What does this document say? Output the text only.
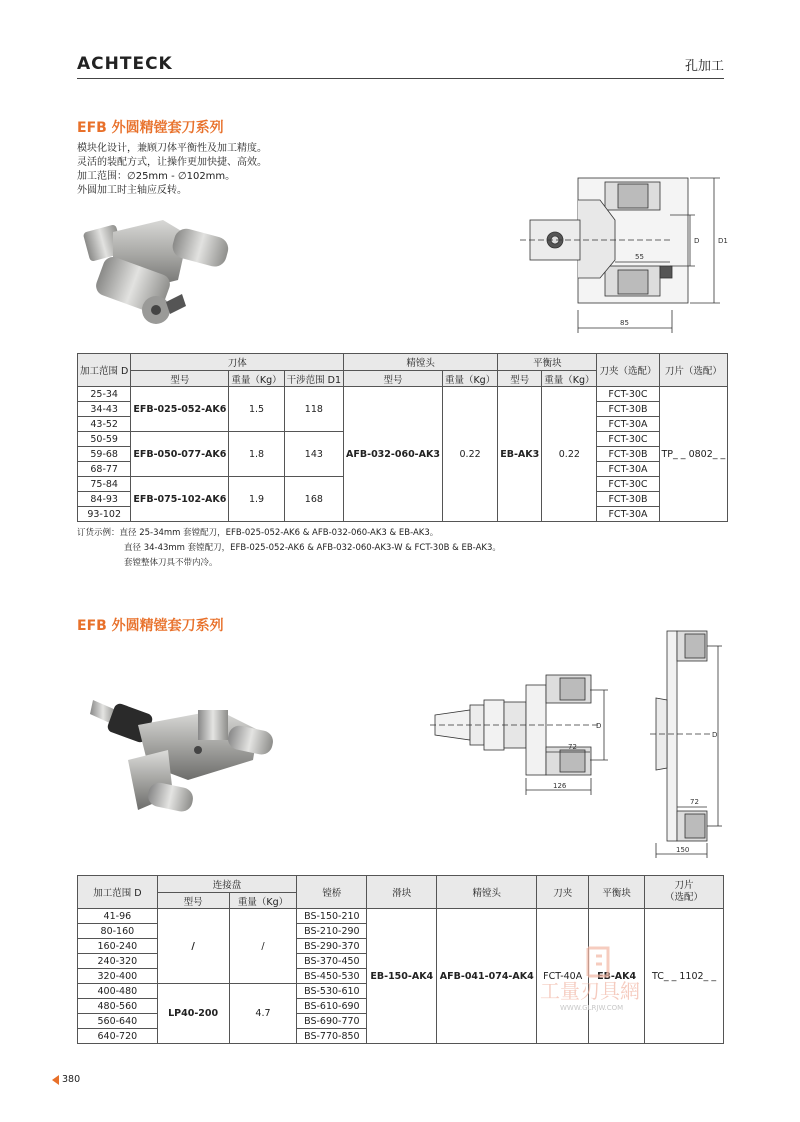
ACHTECK	孔加工
EFB 外圆精镗套刀系列
模块化设计，兼顾刀体平衡性及加工精度。
灵活的装配方式，让操作更加快捷、高效。
加工范围：∅25mm - ∅102mm。
外圆加工时主轴应反转。
D	D1
55
85
加工范围 D	刀体			精镗头		平衡块		刀夹（选配）	刀片（选配）
	型号	重量（Kg）	干涉范围 D1	型号	重量（Kg）	型号	重量（Kg）		
25-34	EFB-025-052-AK6	1.5	118	AFB-032-060-AK3	0.22	EB-AK3	0.22	FCT-30C	TP_ _ 0802_ _
34-43								FCT-30B	
43-52								FCT-30A	
50-59	EFB-050-077-AK6	1.8	143					FCT-30C	
59-68								FCT-30B	
68-77								FCT-30A	
75-84	EFB-075-102-AK6	1.9	168					FCT-30C	
84-93								FCT-30B	
93-102								FCT-30A	
订货示例：直径 25-34mm 套镗配刀，EFB-025-052-AK6 & AFB-032-060-AK3 & EB-AK3。
直径 34-43mm 套镗配刀，EFB-025-052-AK6 & AFB-032-060-AK3-W & FCT-30B & EB-AK3。
套镗整体刀具不带内冷。
EFB 外圆精镗套刀系列
D
72
126
D
72
150
加工范围 D	连接盘		镗桥	滑块	精镗头	刀夹	平衡块	刀片
（选配）
	型号	重量（Kg）						
41-96	/	/	BS-150-210	EB-150-AK4	AFB-041-074-AK4	FCT-40A	EB-AK4	TC_ _ 1102_ _
80-160			BS-210-290					
160-240			BS-290-370					
240-320			BS-370-450					
320-400			BS-450-530					
400-480	LP40-200	4.7	BS-530-610					
480-560			BS-610-690					
560-640			BS-690-770					
640-720			BS-770-850					
工量刃具網
WWW.GLRJW.COM
380
